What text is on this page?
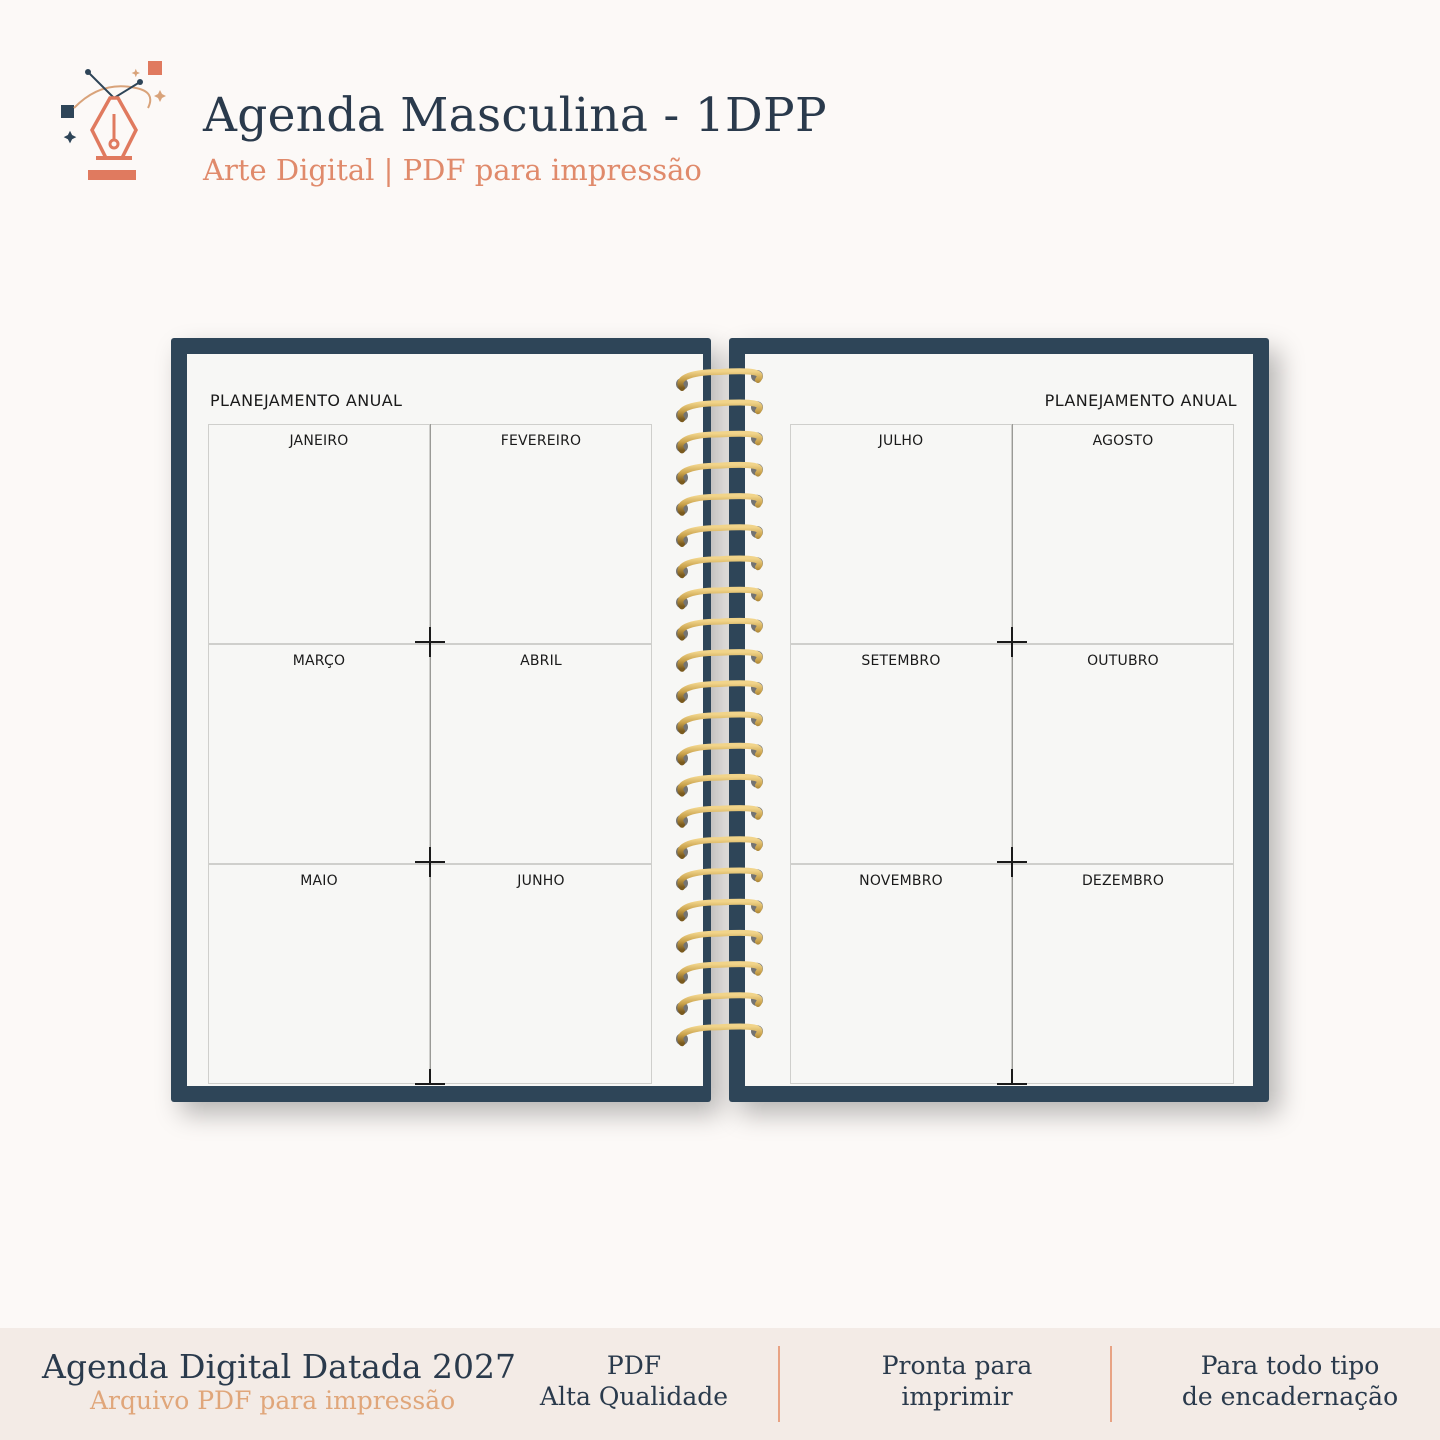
Agenda Masculina - 1DPP
Arte Digital | PDF para impressão
PLANEJAMENTO ANUAL
JANEIRO	FEVEREIRO
MARÇO	ABRIL
MAIO	JUNHO
PLANEJAMENTO ANUAL
JULHO	AGOSTO
SETEMBRO	OUTUBRO
NOVEMBRO	DEZEMBRO
Agenda Digital Datada 2027
Arquivo PDF para impressão
PDF
Alta Qualidade
Pronta para
imprimir
Para todo tipo
de encadernação
